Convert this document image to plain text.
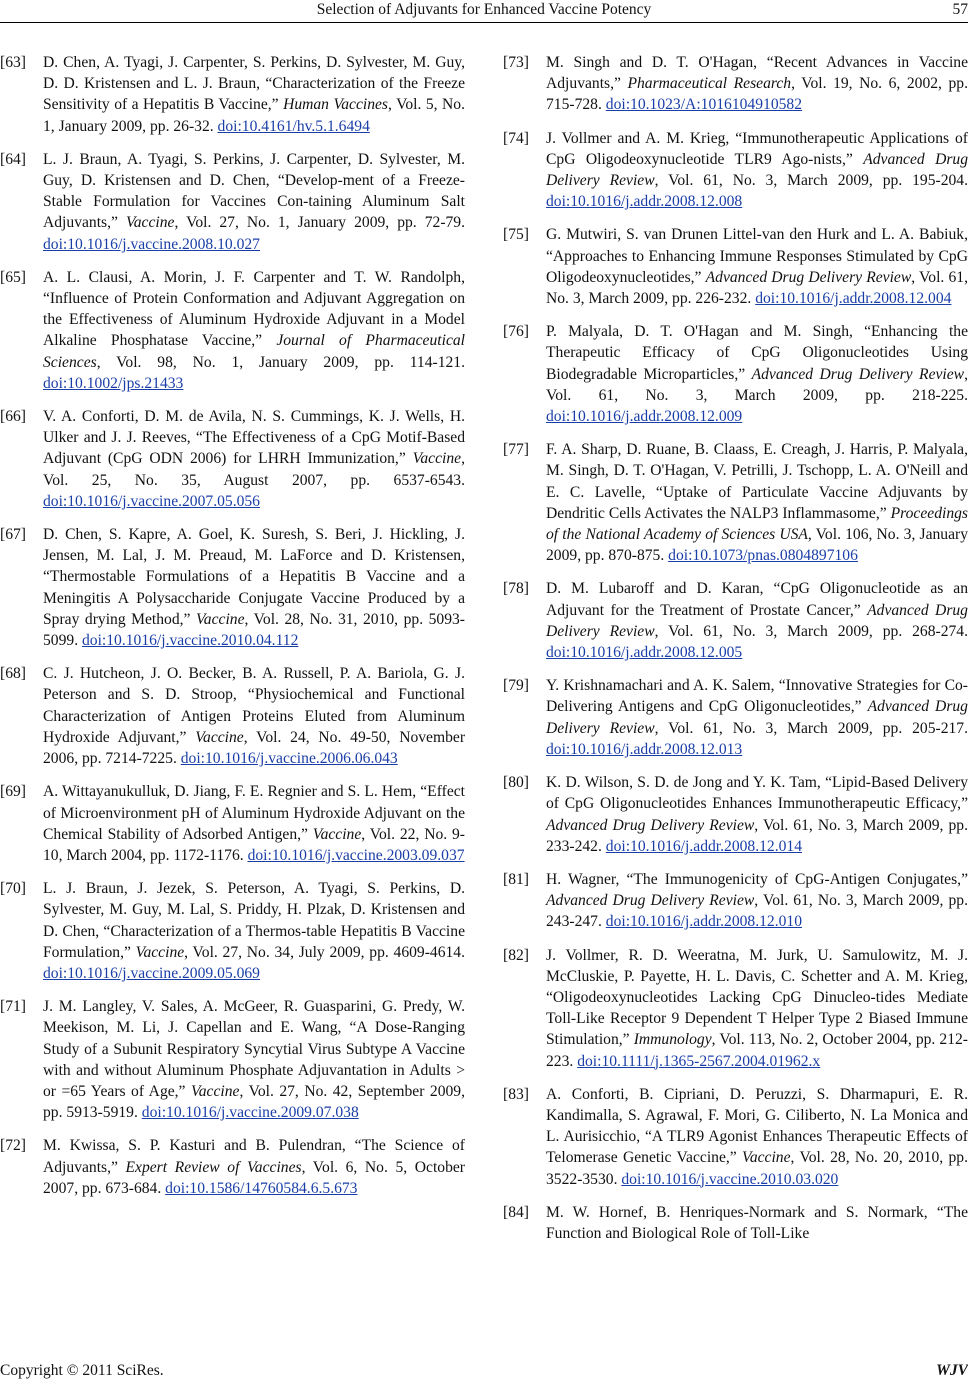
Selection of Adjuvants for Enhanced Vaccine Potency	57
[63]	D. Chen, A. Tyagi, J. Carpenter, S. Perkins, D. Sylvester, M. Guy, D. D. Kristensen and L. J. Braun, “Characterization of the Freeze Sensitivity of a Hepatitis B Vaccine,” Human Vaccines, Vol. 5, No. 1, January 2009, pp. 26-32. doi:10.4161/hv.5.1.6494
[64]	L. J. Braun, A. Tyagi, S. Perkins, J. Carpenter, D. Sylvester, M. Guy, D. Kristensen and D. Chen, “Develop-ment of a Freeze-Stable Formulation for Vaccines Con-taining Aluminum Salt Adjuvants,” Vaccine, Vol. 27, No. 1, January 2009, pp. 72-79. doi:10.1016/j.vaccine.2008.10.027
[65]	A. L. Clausi, A. Morin, J. F. Carpenter and T. W. Randolph, “Influence of Protein Conformation and Adjuvant Aggregation on the Effectiveness of Aluminum Hydroxide Adjuvant in a Model Alkaline Phosphatase Vaccine,” Journal of Pharmaceutical Sciences, Vol. 98, No. 1, January 2009, pp. 114-121. doi:10.1002/jps.21433
[66]	V. A. Conforti, D. M. de Avila, N. S. Cummings, K. J. Wells, H. Ulker and J. J. Reeves, “The Effectiveness of a CpG Motif-Based Adjuvant (CpG ODN 2006) for LHRH Immunization,” Vaccine, Vol. 25, No. 35, August 2007, pp. 6537-6543. doi:10.1016/j.vaccine.2007.05.056
[67]	D. Chen, S. Kapre, A. Goel, K. Suresh, S. Beri, J. Hickling, J. Jensen, M. Lal, J. M. Preaud, M. LaForce and D. Kristensen, “Thermostable Formulations of a Hepatitis B Vaccine and a Meningitis A Polysaccharide Conjugate Vaccine Produced by a Spray drying Method,” Vaccine, Vol. 28, No. 31, 2010, pp. 5093-5099. doi:10.1016/j.vaccine.2010.04.112
[68]	C. J. Hutcheon, J. O. Becker, B. A. Russell, P. A. Bariola, G. J. Peterson and S. D. Stroop, “Physiochemical and Functional Characterization of Antigen Proteins Eluted from Aluminum Hydroxide Adjuvant,” Vaccine, Vol. 24, No. 49-50, November 2006, pp. 7214-7225. doi:10.1016/j.vaccine.2006.06.043
[69]	A. Wittayanukulluk, D. Jiang, F. E. Regnier and S. L. Hem, “Effect of Microenvironment pH of Aluminum Hydroxide Adjuvant on the Chemical Stability of Adsorbed Antigen,” Vaccine, Vol. 22, No. 9-10, March 2004, pp. 1172-1176. doi:10.1016/j.vaccine.2003.09.037
[70]	L. J. Braun, J. Jezek, S. Peterson, A. Tyagi, S. Perkins, D. Sylvester, M. Guy, M. Lal, S. Priddy, H. Plzak, D. Kristensen and D. Chen, “Characterization of a Thermos-table Hepatitis B Vaccine Formulation,” Vaccine, Vol. 27, No. 34, July 2009, pp. 4609-4614. doi:10.1016/j.vaccine.2009.05.069
[71]	J. M. Langley, V. Sales, A. McGeer, R. Guasparini, G. Predy, W. Meekison, M. Li, J. Capellan and E. Wang, “A Dose-Ranging Study of a Subunit Respiratory Syncytial Virus Subtype A Vaccine with and without Aluminum Phosphate Adjuvantation in Adults > or =65 Years of Age,” Vaccine, Vol. 27, No. 42, September 2009, pp. 5913-5919. doi:10.1016/j.vaccine.2009.07.038
[72]	M. Kwissa, S. P. Kasturi and B. Pulendran, “The Science of Adjuvants,” Expert Review of Vaccines, Vol. 6, No. 5, October 2007, pp. 673-684. doi:10.1586/14760584.6.5.673
[73]	M. Singh and D. T. O'Hagan, “Recent Advances in Vaccine Adjuvants,” Pharmaceutical Research, Vol. 19, No. 6, 2002, pp. 715-728. doi:10.1023/A:1016104910582
[74]	J. Vollmer and A. M. Krieg, “Immunotherapeutic Applications of CpG Oligodeoxynucleotide TLR9 Ago-nists,” Advanced Drug Delivery Review, Vol. 61, No. 3, March 2009, pp. 195-204. doi:10.1016/j.addr.2008.12.008
[75]	G. Mutwiri, S. van Drunen Littel-van den Hurk and L. A. Babiuk, “Approaches to Enhancing Immune Responses Stimulated by CpG Oligodeoxynucleotides,” Advanced Drug Delivery Review, Vol. 61, No. 3, March 2009, pp. 226-232. doi:10.1016/j.addr.2008.12.004
[76]	P. Malyala, D. T. O'Hagan and M. Singh, “Enhancing the Therapeutic Efficacy of CpG Oligonucleotides Using Biodegradable Microparticles,” Advanced Drug Delivery Review, Vol. 61, No. 3, March 2009, pp. 218-225. doi:10.1016/j.addr.2008.12.009
[77]	F. A. Sharp, D. Ruane, B. Claass, E. Creagh, J. Harris, P. Malyala, M. Singh, D. T. O'Hagan, V. Petrilli, J. Tschopp, L. A. O'Neill and E. C. Lavelle, “Uptake of Particulate Vaccine Adjuvants by Dendritic Cells Activates the NALP3 Inflammasome,” Proceedings of the National Academy of Sciences USA, Vol. 106, No. 3, January 2009, pp. 870-875. doi:10.1073/pnas.0804897106
[78]	D. M. Lubaroff and D. Karan, “CpG Oligonucleotide as an Adjuvant for the Treatment of Prostate Cancer,” Advanced Drug Delivery Review, Vol. 61, No. 3, March 2009, pp. 268-274. doi:10.1016/j.addr.2008.12.005
[79]	Y. Krishnamachari and A. K. Salem, “Innovative Strategies for Co-Delivering Antigens and CpG Oligonucleotides,” Advanced Drug Delivery Review, Vol. 61, No. 3, March 2009, pp. 205-217. doi:10.1016/j.addr.2008.12.013
[80]	K. D. Wilson, S. D. de Jong and Y. K. Tam, “Lipid-Based Delivery of CpG Oligonucleotides Enhances Immunotherapeutic Efficacy,” Advanced Drug Delivery Review, Vol. 61, No. 3, March 2009, pp. 233-242. doi:10.1016/j.addr.2008.12.014
[81]	H. Wagner, “The Immunogenicity of CpG-Antigen Conjugates,” Advanced Drug Delivery Review, Vol. 61, No. 3, March 2009, pp. 243-247. doi:10.1016/j.addr.2008.12.010
[82]	J. Vollmer, R. D. Weeratna, M. Jurk, U. Samulowitz, M. J. McCluskie, P. Payette, H. L. Davis, C. Schetter and A. M. Krieg, “Oligodeoxynucleotides Lacking CpG Dinucleo-tides Mediate Toll-Like Receptor 9 Dependent T Helper Type 2 Biased Immune Stimulation,” Immunology, Vol. 113, No. 2, October 2004, pp. 212-223. doi:10.1111/j.1365-2567.2004.01962.x
[83]	A. Conforti, B. Cipriani, D. Peruzzi, S. Dharmapuri, E. R. Kandimalla, S. Agrawal, F. Mori, G. Ciliberto, N. La Monica and L. Aurisicchio, “A TLR9 Agonist Enhances Therapeutic Effects of Telomerase Genetic Vaccine,” Vaccine, Vol. 28, No. 20, 2010, pp. 3522-3530. doi:10.1016/j.vaccine.2010.03.020
[84]	M. W. Hornef, B. Henriques-Normark and S. Normark, “The Function and Biological Role of Toll-Like
Copyright © 2011 SciRes.	WJV
